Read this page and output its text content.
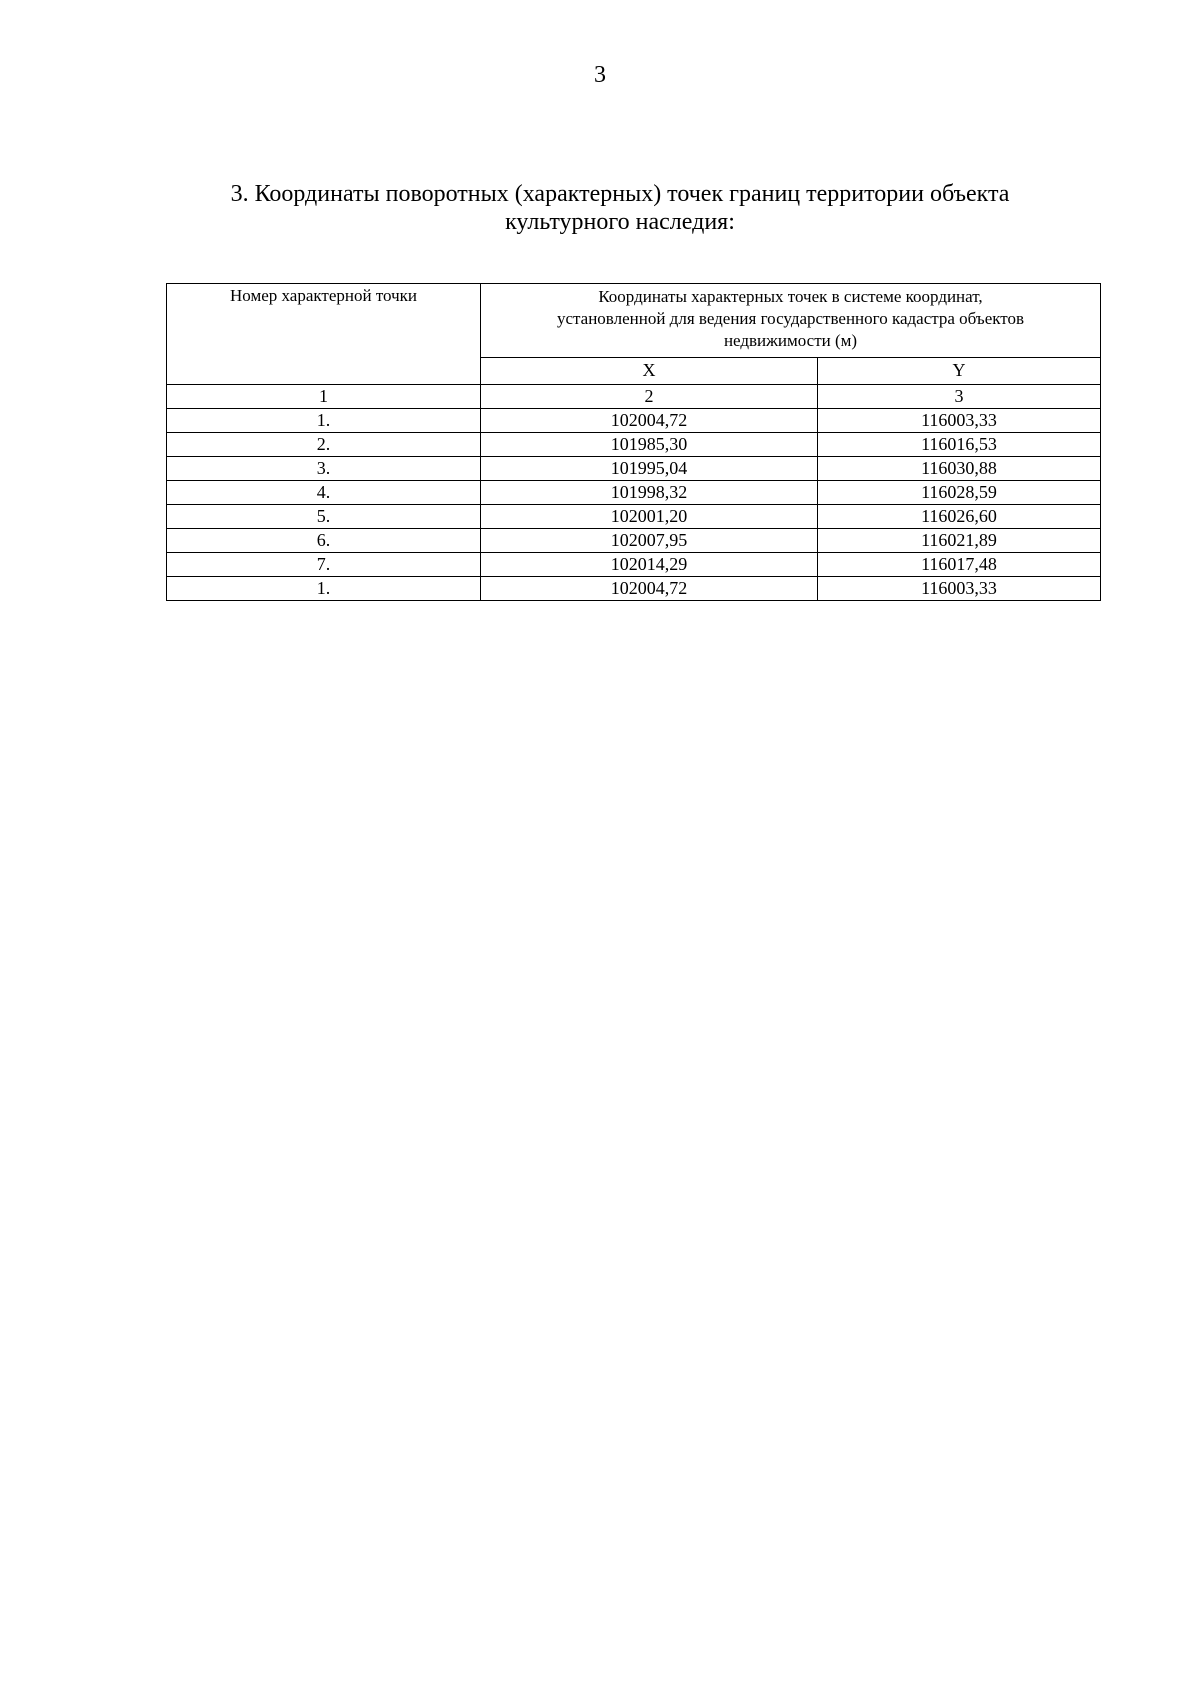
3
3. Координаты поворотных (характерных) точек границ территории объекта
культурного наследия:
Номер характерной точки	Координаты характерных точек в системе координат,
установленной для ведения государственного кадастра объектов
недвижимости (м)	
	X	Y
1	2	3
1.	102004,72	116003,33
2.	101985,30	116016,53
3.	101995,04	116030,88
4.	101998,32	116028,59
5.	102001,20	116026,60
6.	102007,95	116021,89
7.	102014,29	116017,48
1.	102004,72	116003,33
